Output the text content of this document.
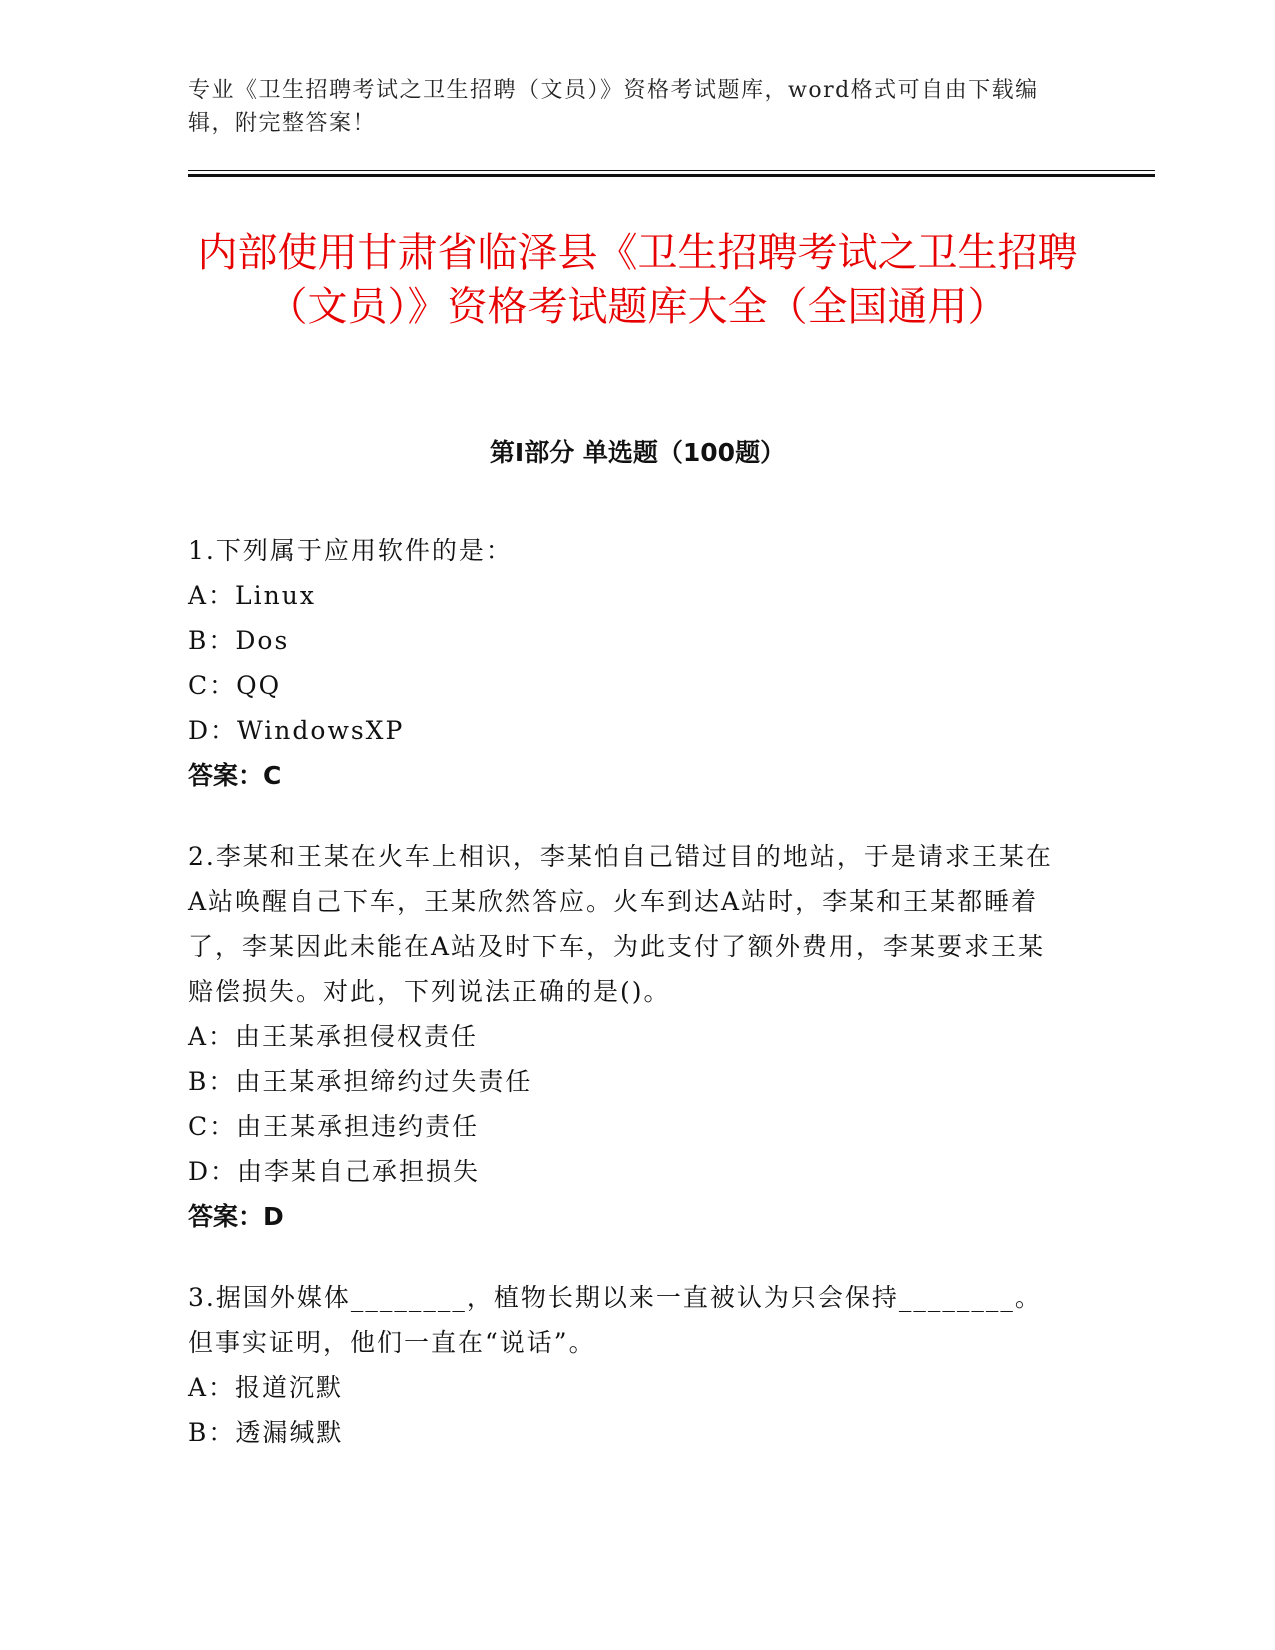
专业《卫生招聘考试之卫生招聘（文员）》资格考试题库，word格式可自由下载编辑，附完整答案！
内部使用甘肃省临泽县《卫生招聘考试之卫生招聘（文员）》资格考试题库大全（全国通用）
第Ⅰ部分 单选题（100题）
1.下列属于应用软件的是：
A：Linux
B：Dos
C：QQ
D：WindowsXP
答案：C
2.李某和王某在火车上相识，李某怕自己错过目的地站，于是请求王某在A站唤醒自己下车，王某欣然答应。火车到达A站时，李某和王某都睡着了，李某因此未能在A站及时下车，为此支付了额外费用，李某要求王某赔偿损失。对此，下列说法正确的是()。
A：由王某承担侵权责任
B：由王某承担缔约过失责任
C：由王某承担违约责任
D：由李某自己承担损失
答案：D
3.据国外媒体________，植物长期以来一直被认为只会保持________。但事实证明，他们一直在“说话”。
A：报道沉默
B：透漏缄默
